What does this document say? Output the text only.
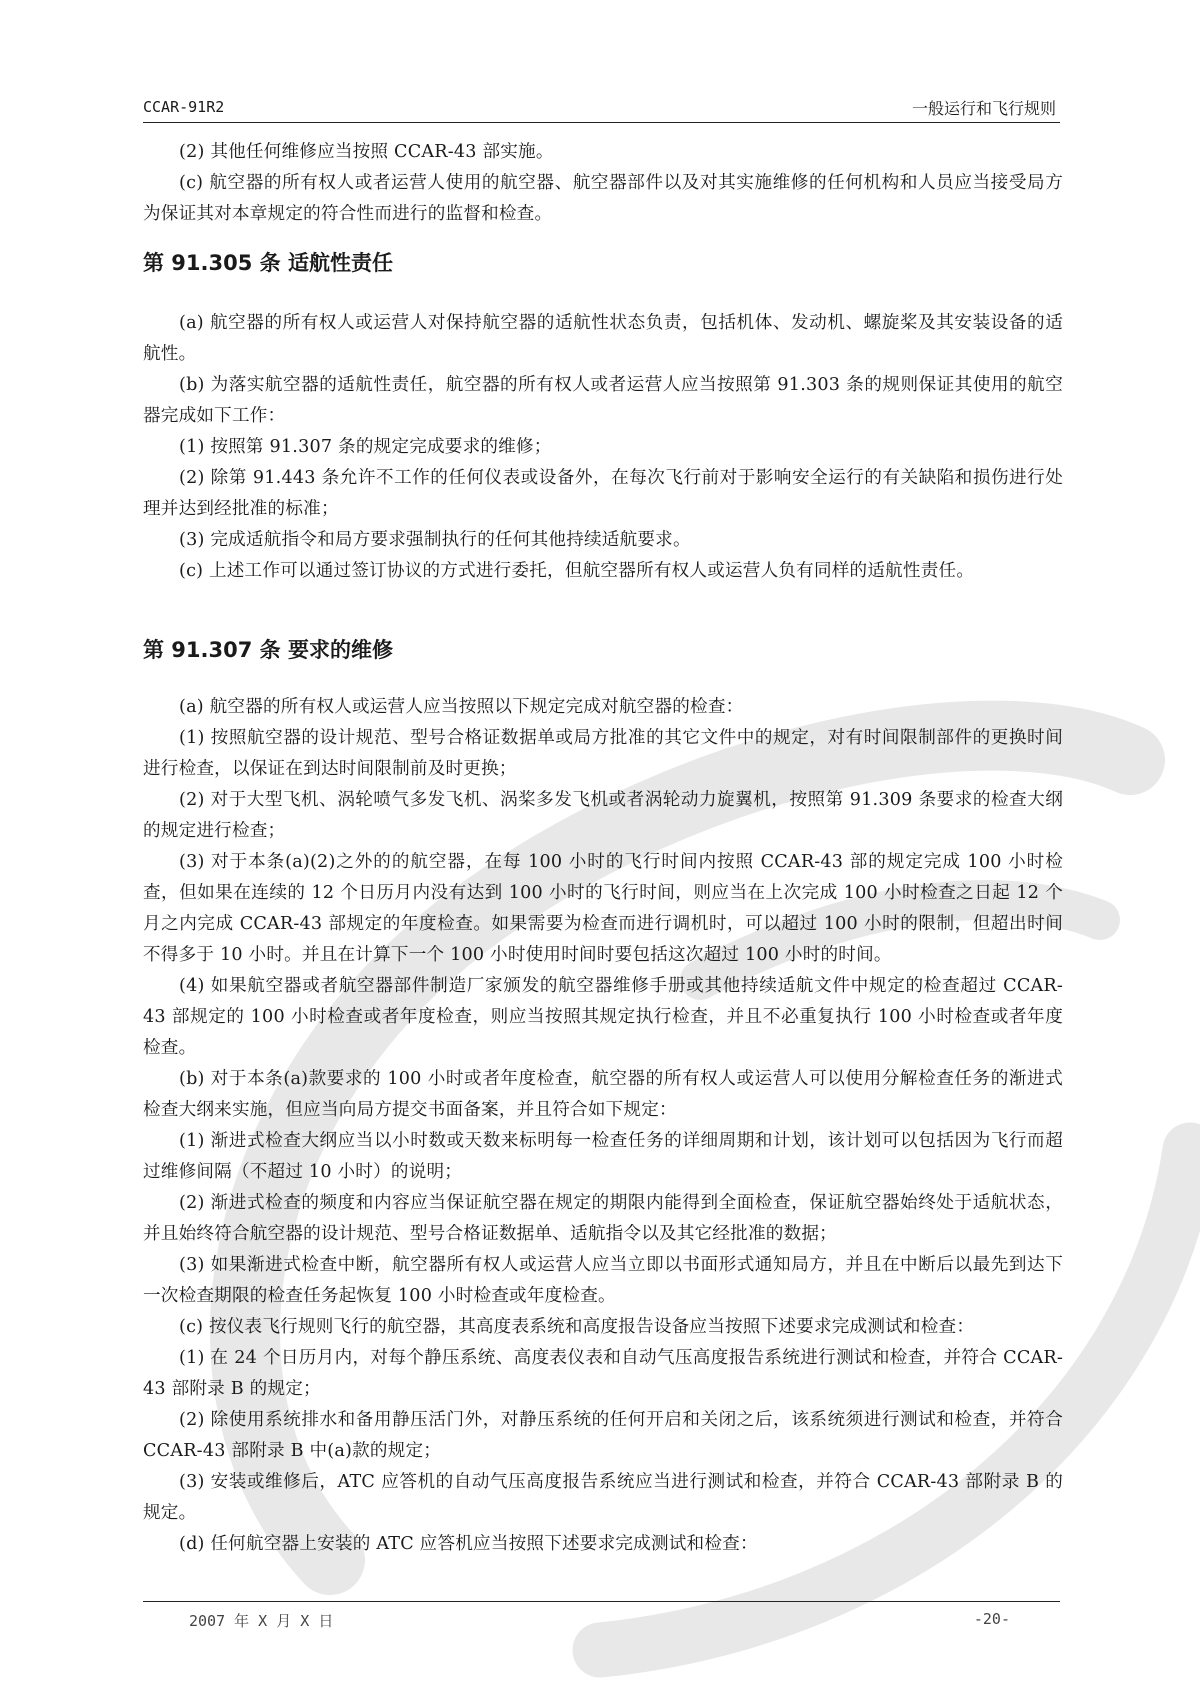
CCAR-91R2	一般运行和飞行规则

(2) 其他任何维修应当按照 CCAR-43 部实施。

(c) 航空器的所有权人或者运营人使用的航空器、航空器部件以及对其实施维修的任何机构和人员应当接受局方为保证其对本章规定的符合性而进行的监督和检查。

第 91.305 条 适航性责任

(a) 航空器的所有权人或运营人对保持航空器的适航性状态负责，包括机体、发动机、螺旋桨及其安装设备的适航性。

(b) 为落实航空器的适航性责任，航空器的所有权人或者运营人应当按照第 91.303 条的规则保证其使用的航空器完成如下工作：

(1) 按照第 91.307 条的规定完成要求的维修；

(2) 除第 91.443 条允许不工作的任何仪表或设备外，在每次飞行前对于影响安全运行的有关缺陷和损伤进行处理并达到经批准的标准；

(3) 完成适航指令和局方要求强制执行的任何其他持续适航要求。

(c) 上述工作可以通过签订协议的方式进行委托，但航空器所有权人或运营人负有同样的适航性责任。

第 91.307 条 要求的维修

(a) 航空器的所有权人或运营人应当按照以下规定完成对航空器的检查：

(1) 按照航空器的设计规范、型号合格证数据单或局方批准的其它文件中的规定，对有时间限制部件的更换时间进行检查，以保证在到达时间限制前及时更换；

(2) 对于大型飞机、涡轮喷气多发飞机、涡桨多发飞机或者涡轮动力旋翼机，按照第 91.309 条要求的检查大纲的规定进行检查；

(3) 对于本条(a)(2)之外的的航空器，在每 100 小时的飞行时间内按照 CCAR-43 部的规定完成 100 小时检查，但如果在连续的 12 个日历月内没有达到 100 小时的飞行时间，则应当在上次完成 100 小时检查之日起 12 个月之内完成 CCAR-43 部规定的年度检查。如果需要为检查而进行调机时，可以超过 100 小时的限制，但超出时间不得多于 10 小时。并且在计算下一个 100 小时使用时间时要包括这次超过 100 小时的时间。

(4) 如果航空器或者航空器部件制造厂家颁发的航空器维修手册或其他持续适航文件中规定的检查超过 CCAR-43 部规定的 100 小时检查或者年度检查，则应当按照其规定执行检查，并且不必重复执行 100 小时检查或者年度检查。

(b) 对于本条(a)款要求的 100 小时或者年度检查，航空器的所有权人或运营人可以使用分解检查任务的渐进式检查大纲来实施，但应当向局方提交书面备案，并且符合如下规定：

(1) 渐进式检查大纲应当以小时数或天数来标明每一检查任务的详细周期和计划，该计划可以包括因为飞行而超过维修间隔（不超过 10 小时）的说明；

(2) 渐进式检查的频度和内容应当保证航空器在规定的期限内能得到全面检查，保证航空器始终处于适航状态，并且始终符合航空器的设计规范、型号合格证数据单、适航指令以及其它经批准的数据；

(3) 如果渐进式检查中断，航空器所有权人或运营人应当立即以书面形式通知局方，并且在中断后以最先到达下一次检查期限的检查任务起恢复 100 小时检查或年度检查。

(c) 按仪表飞行规则飞行的航空器，其高度表系统和高度报告设备应当按照下述要求完成测试和检查：

(1) 在 24 个日历月内，对每个静压系统、高度表仪表和自动气压高度报告系统进行测试和检查，并符合 CCAR-43 部附录 B 的规定；

(2) 除使用系统排水和备用静压活门外，对静压系统的任何开启和关闭之后，该系统须进行测试和检查，并符合 CCAR-43 部附录 B 中(a)款的规定；

(3) 安装或维修后，ATC 应答机的自动气压高度报告系统应当进行测试和检查，并符合 CCAR-43 部附录 B 的规定。

(d) 任何航空器上安装的 ATC 应答机应当按照下述要求完成测试和检查：

2007 年 X 月 X 日	-20-
